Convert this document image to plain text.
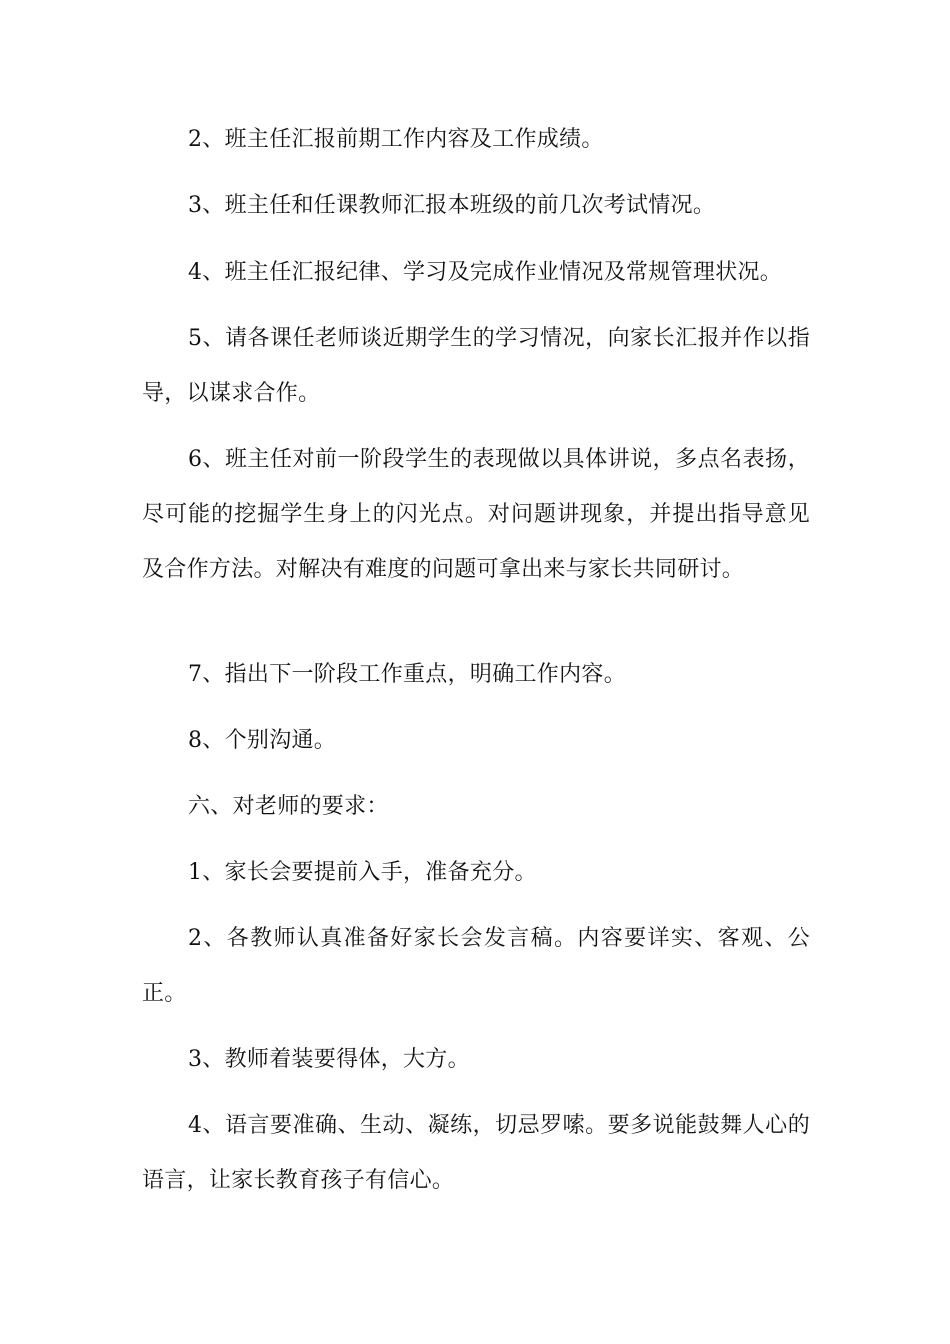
2、班主任汇报前期工作内容及工作成绩。

3、班主任和任课教师汇报本班级的前几次考试情况。

4、班主任汇报纪律、学习及完成作业情况及常规管理状况。

5、请各课任老师谈近期学生的学习情况，向家长汇报并作以指导，以谋求合作。

6、班主任对前一阶段学生的表现做以具体讲说，多点名表扬，尽可能的挖掘学生身上的闪光点。对问题讲现象，并提出指导意见及合作方法。对解决有难度的问题可拿出来与家长共同研讨。

7、指出下一阶段工作重点，明确工作内容。

8、个别沟通。

六、对老师的要求：

1、家长会要提前入手，准备充分。

2、各教师认真准备好家长会发言稿。内容要详实、客观、公正。

3、教师着装要得体，大方。

4、语言要准确、生动、凝练，切忌罗嗦。要多说能鼓舞人心的语言，让家长教育孩子有信心。
